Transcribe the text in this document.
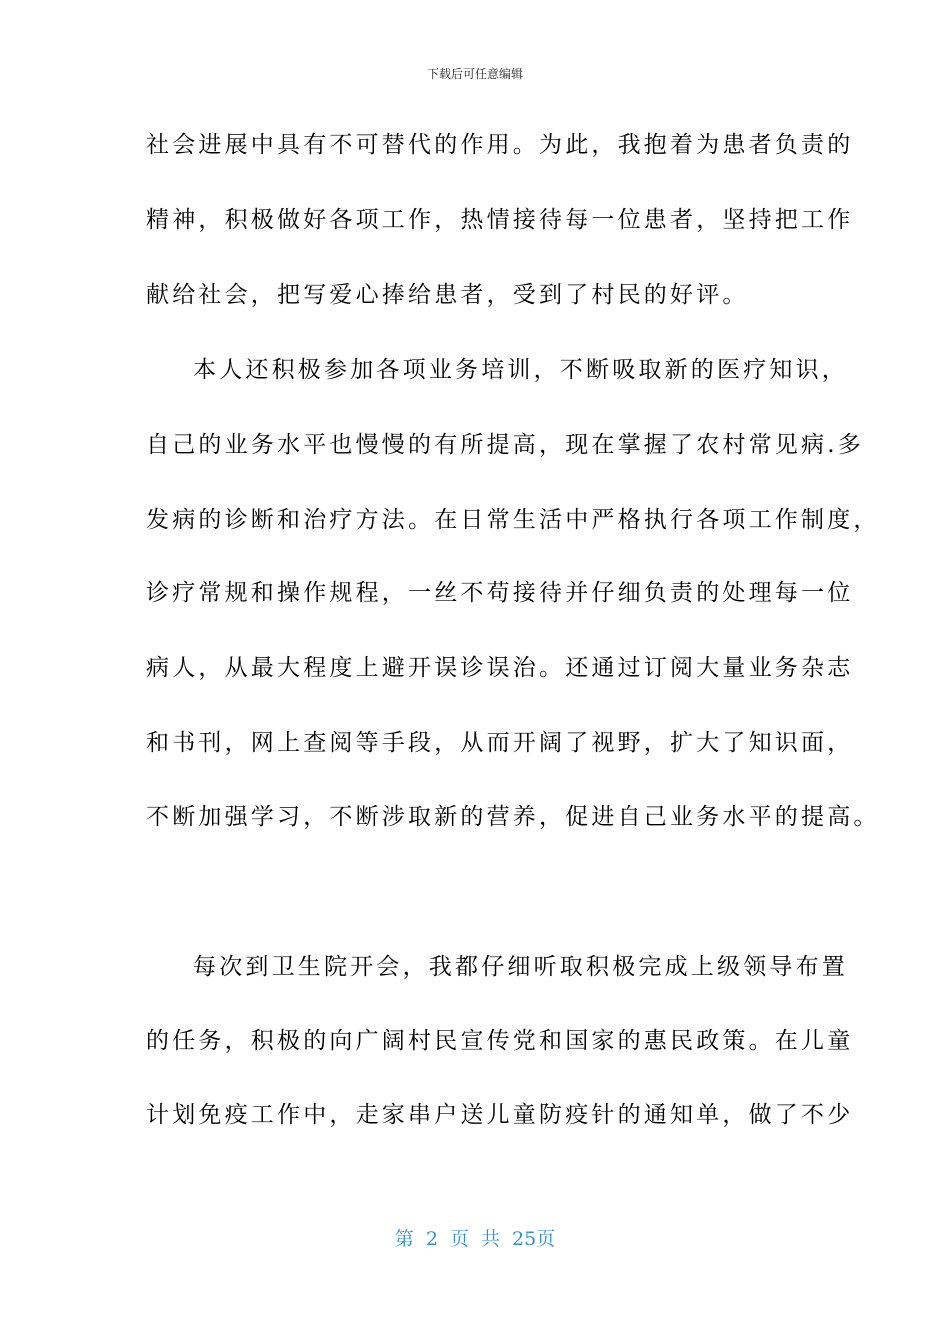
下载后可任意编辑
社会进展中具有不可替代的作用。为此，我抱着为患者负责的
精神，积极做好各项工作，热情接待每一位患者，坚持把工作
献给社会，把写爱心捧给患者，受到了村民的好评。
本人还积极参加各项业务培训，不断吸取新的医疗知识，
自己的业务水平也慢慢的有所提高，现在掌握了农村常见病.多
发病的诊断和治疗方法。在日常生活中严格执行各项工作制度，
诊疗常规和操作规程，一丝不苟接待并仔细负责的处理每一位
病人，从最大程度上避开误诊误治。还通过订阅大量业务杂志
和书刊，网上查阅等手段，从而开阔了视野，扩大了知识面，
不断加强学习，不断涉取新的营养，促进自己业务水平的提高。
每次到卫生院开会，我都仔细听取积极完成上级领导布置
的任务，积极的向广阔村民宣传党和国家的惠民政策。在儿童
计划免疫工作中，走家串户送儿童防疫针的通知单，做了不少
第 2 页 共 25页
